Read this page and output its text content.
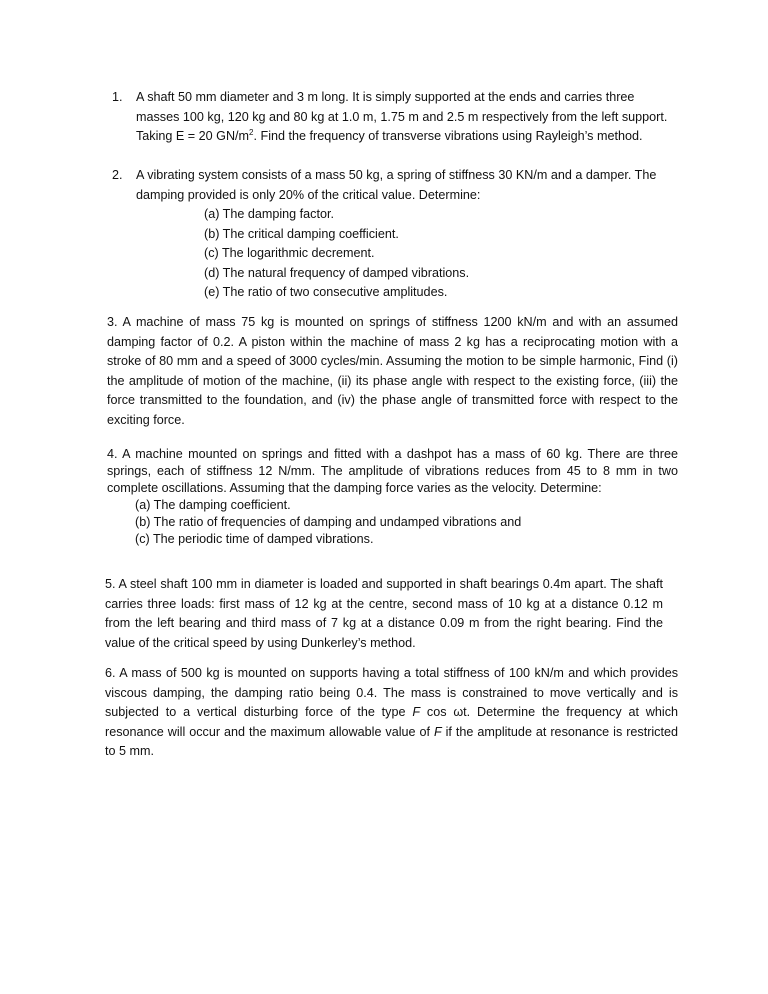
1. A shaft 50 mm diameter and 3 m long. It is simply supported at the ends and carries three masses 100 kg, 120 kg and 80 kg at 1.0 m, 1.75 m and 2.5 m respectively from the left support. Taking E = 20 $GN/m^2$. Find the frequency of transverse vibrations using Rayleigh’s method.
2. A vibrating system consists of a mass 50 kg, a spring of stiffness 30 KN/m and a damper. The damping provided is only 20% of the critical value. Determine:
(a) The damping factor.
(b) The critical damping coefficient.
(c) The logarithmic decrement.
(d) The natural frequency of damped vibrations.
(e) The ratio of two consecutive amplitudes.
3. A machine of mass 75 kg is mounted on springs of stiffness 1200 kN/m and with an assumed damping factor of 0.2. A piston within the machine of mass 2 kg has a reciprocating motion with a stroke of 80 mm and a speed of 3000 cycles/min. Assuming the motion to be simple harmonic, Find (i) the amplitude of motion of the machine, (ii) its phase angle with respect to the existing force, (iii) the force transmitted to the foundation, and (iv) the phase angle of transmitted force with respect to the exciting force.
4. A machine mounted on springs and fitted with a dashpot has a mass of 60 kg. There are three springs, each of stiffness 12 N/mm. The amplitude of vibrations reduces from 45 to 8 mm in two complete oscillations. Assuming that the damping force varies as the velocity. Determine:
(a) The damping coefficient.
(b) The ratio of frequencies of damping and undamped vibrations and
(c) The periodic time of damped vibrations.
5. A steel shaft 100 mm in diameter is loaded and supported in shaft bearings 0.4m apart. The shaft carries three loads: first mass of 12 kg at the centre, second mass of 10 kg at a distance 0.12 m from the left bearing and third mass of 7 kg at a distance 0.09 m from the right bearing. Find the value of the critical speed by using Dunkerley’s method.
6. A mass of 500 kg is mounted on supports having a total stiffness of 100 kN/m and which provides viscous damping, the damping ratio being 0.4. The mass is constrained to move vertically and is subjected to a vertical disturbing force of the type F cos ωt. Determine the frequency at which resonance will occur and the maximum allowable value of F if the amplitude at resonance is restricted to 5 mm.
